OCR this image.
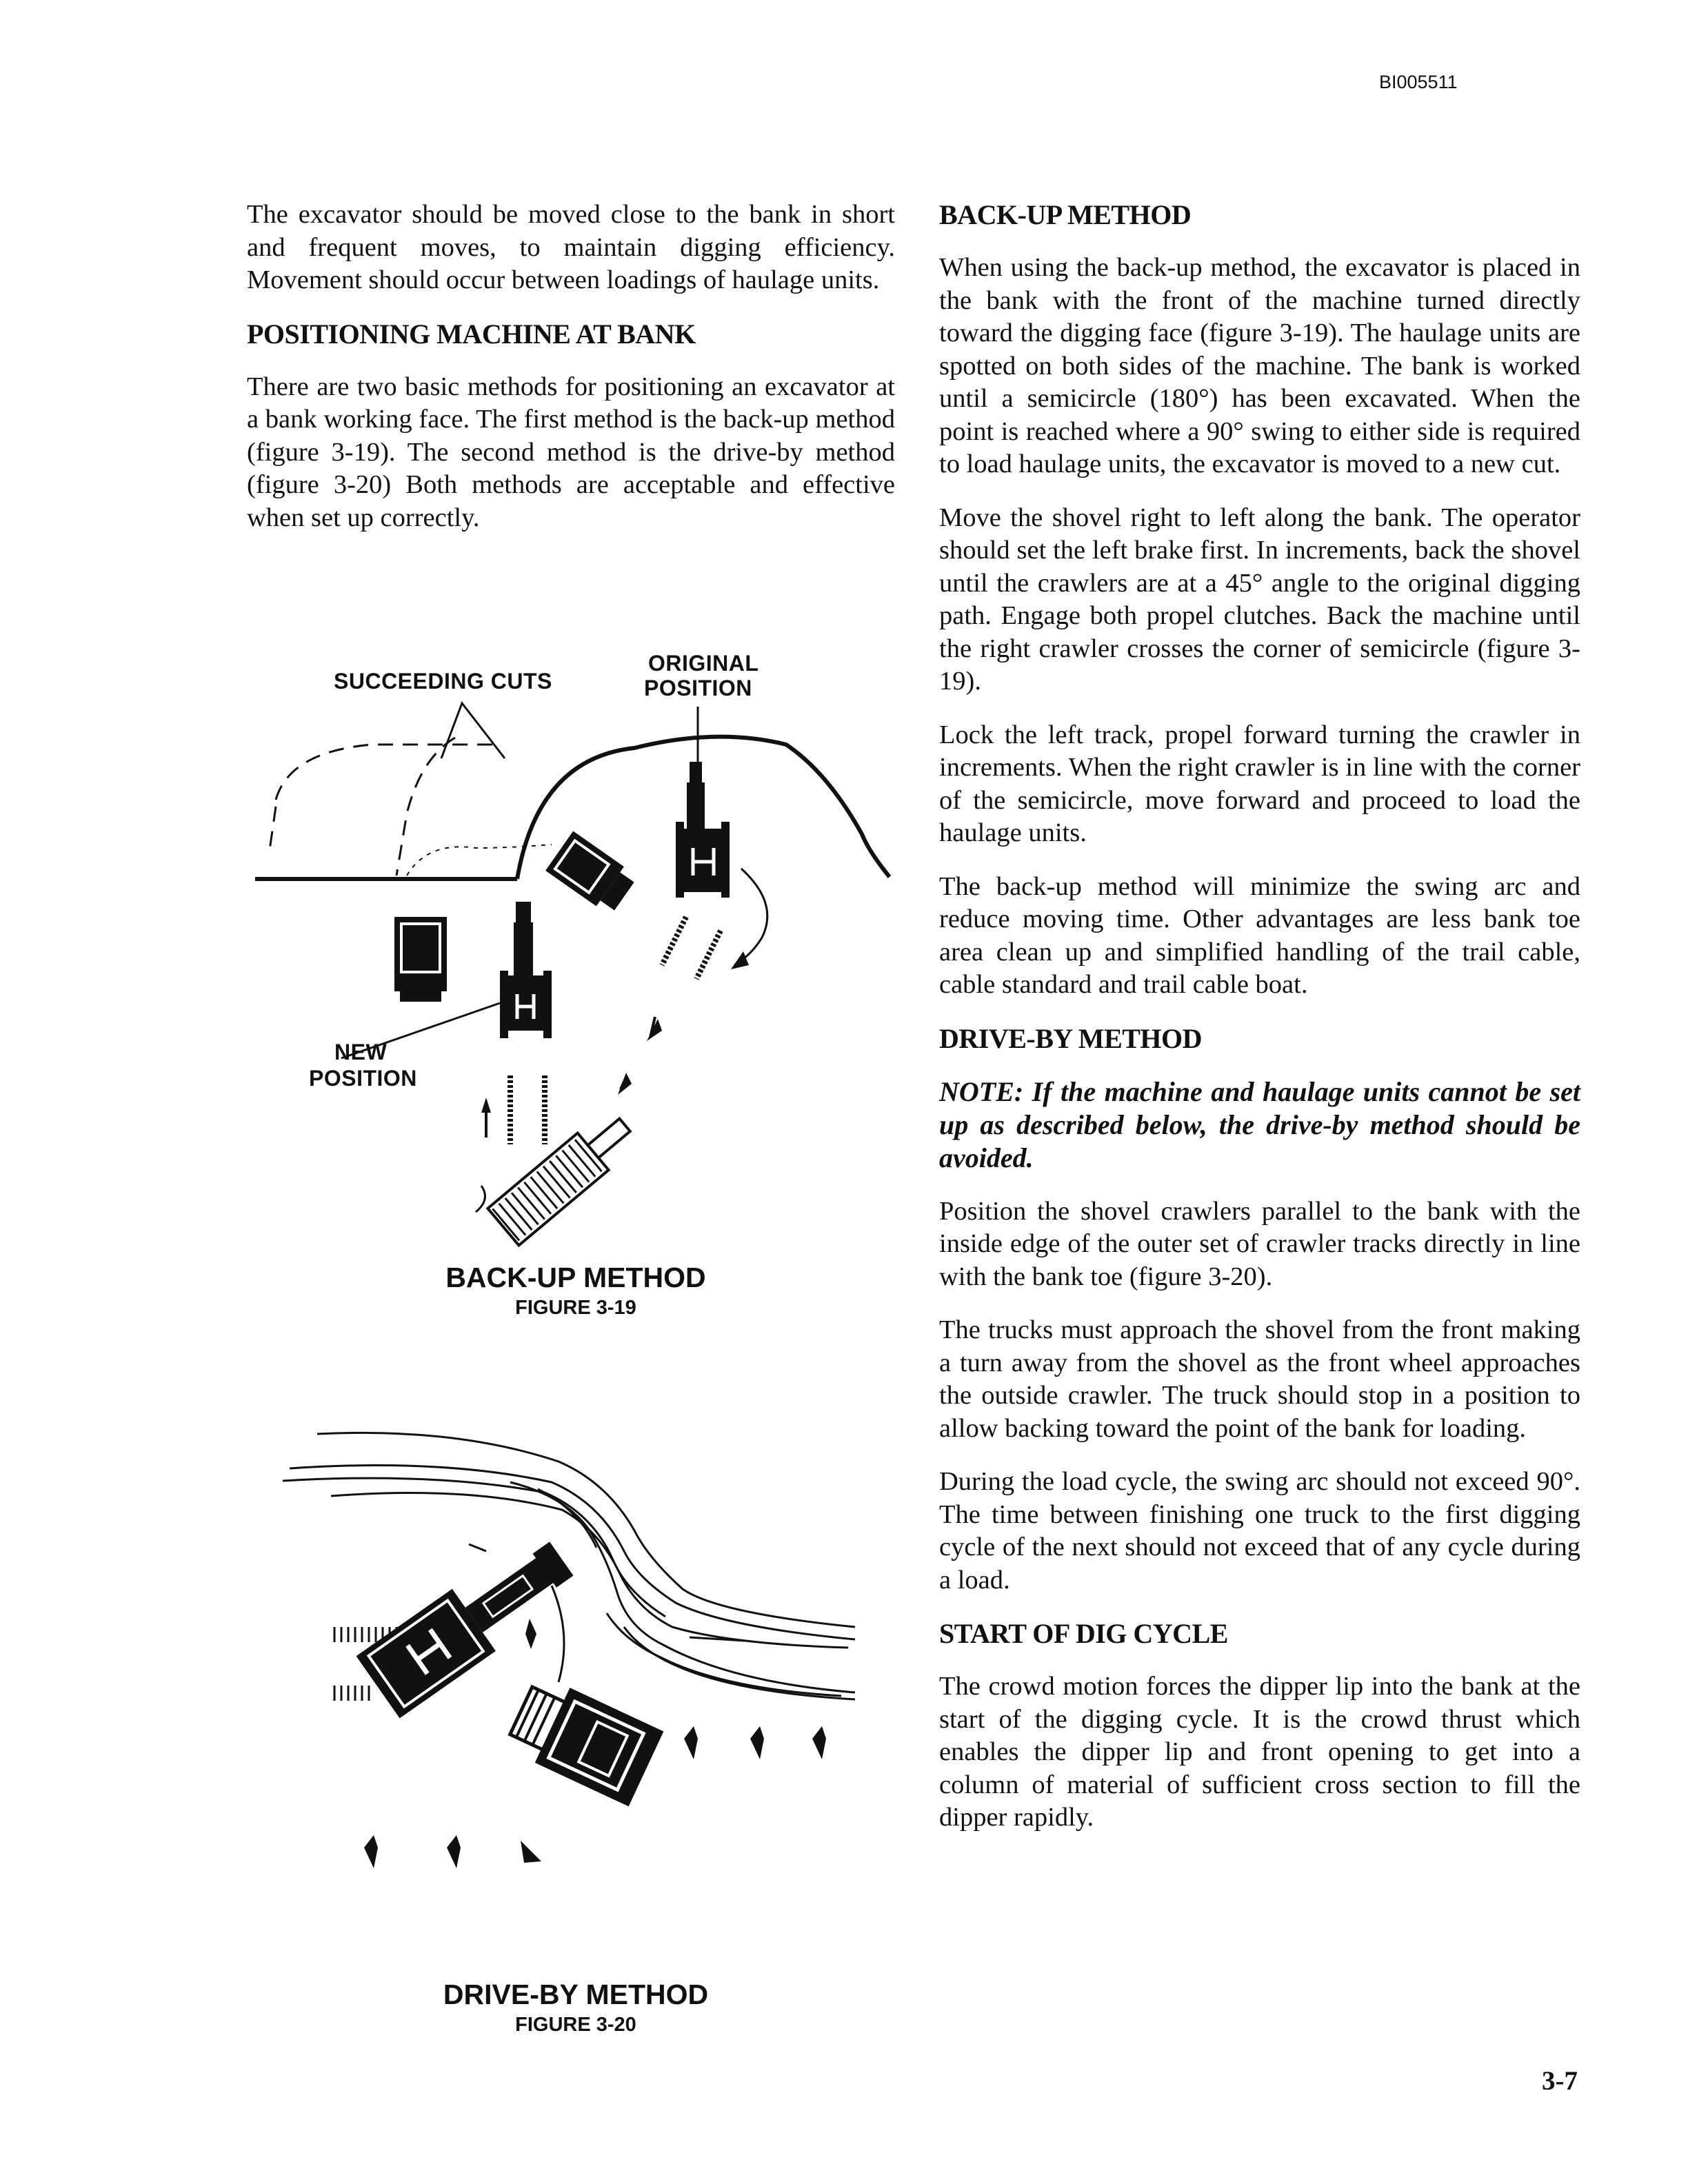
BI005511

The excavator should be moved close to the bank in short and frequent moves, to maintain digging efficiency. Movement should occur between loadings of haulage units.

POSITIONING MACHINE AT BANK

There are two basic methods for positioning an excavator at a bank working face. The first method is the back-up method (figure 3-19). The second method is the drive-by method (figure 3-20) Both methods are acceptable and effective when set up correctly.

SUCCEEDING CUTS
ORIGINAL
POSITION
NEW
POSITION
BACK-UP METHOD
FIGURE 3-19
DRIVE-BY METHOD
FIGURE 3-20
BACK-UP METHOD

When using the back-up method, the excavator is placed in the bank with the front of the machine turned directly toward the digging face (figure 3-19). The haulage units are spotted on both sides of the machine. The bank is worked until a semicircle (180°) has been excavated. When the point is reached where a 90° swing to either side is required to load haulage units, the excavator is moved to a new cut.

Move the shovel right to left along the bank. The operator should set the left brake first. In increments, back the shovel until the crawlers are at a 45° angle to the original digging path. Engage both propel clutches. Back the machine until the right crawler crosses the corner of semicircle (figure 3-19).

Lock the left track, propel forward turning the crawler in increments. When the right crawler is in line with the corner of the semicircle, move forward and proceed to load the haulage units.

The back-up method will minimize the swing arc and reduce moving time. Other advantages are less bank toe area clean up and simplified handling of the trail cable, cable standard and trail cable boat.

DRIVE-BY METHOD

NOTE: If the machine and haulage units cannot be set up as described below, the drive-by method should be avoided.

Position the shovel crawlers parallel to the bank with the inside edge of the outer set of crawler tracks directly in line with the bank toe (figure 3-20).

The trucks must approach the shovel from the front making a turn away from the shovel as the front wheel approaches the outside crawler. The truck should stop in a position to allow backing toward the point of the bank for loading.

During the load cycle, the swing arc should not exceed 90°. The time between finishing one truck to the first digging cycle of the next should not exceed that of any cycle during a load.

START OF DIG CYCLE

The crowd motion forces the dipper lip into the bank at the start of the digging cycle. It is the crowd thrust which enables the dipper lip and front opening to get into a column of material of sufficient cross section to fill the dipper rapidly.

3-7
